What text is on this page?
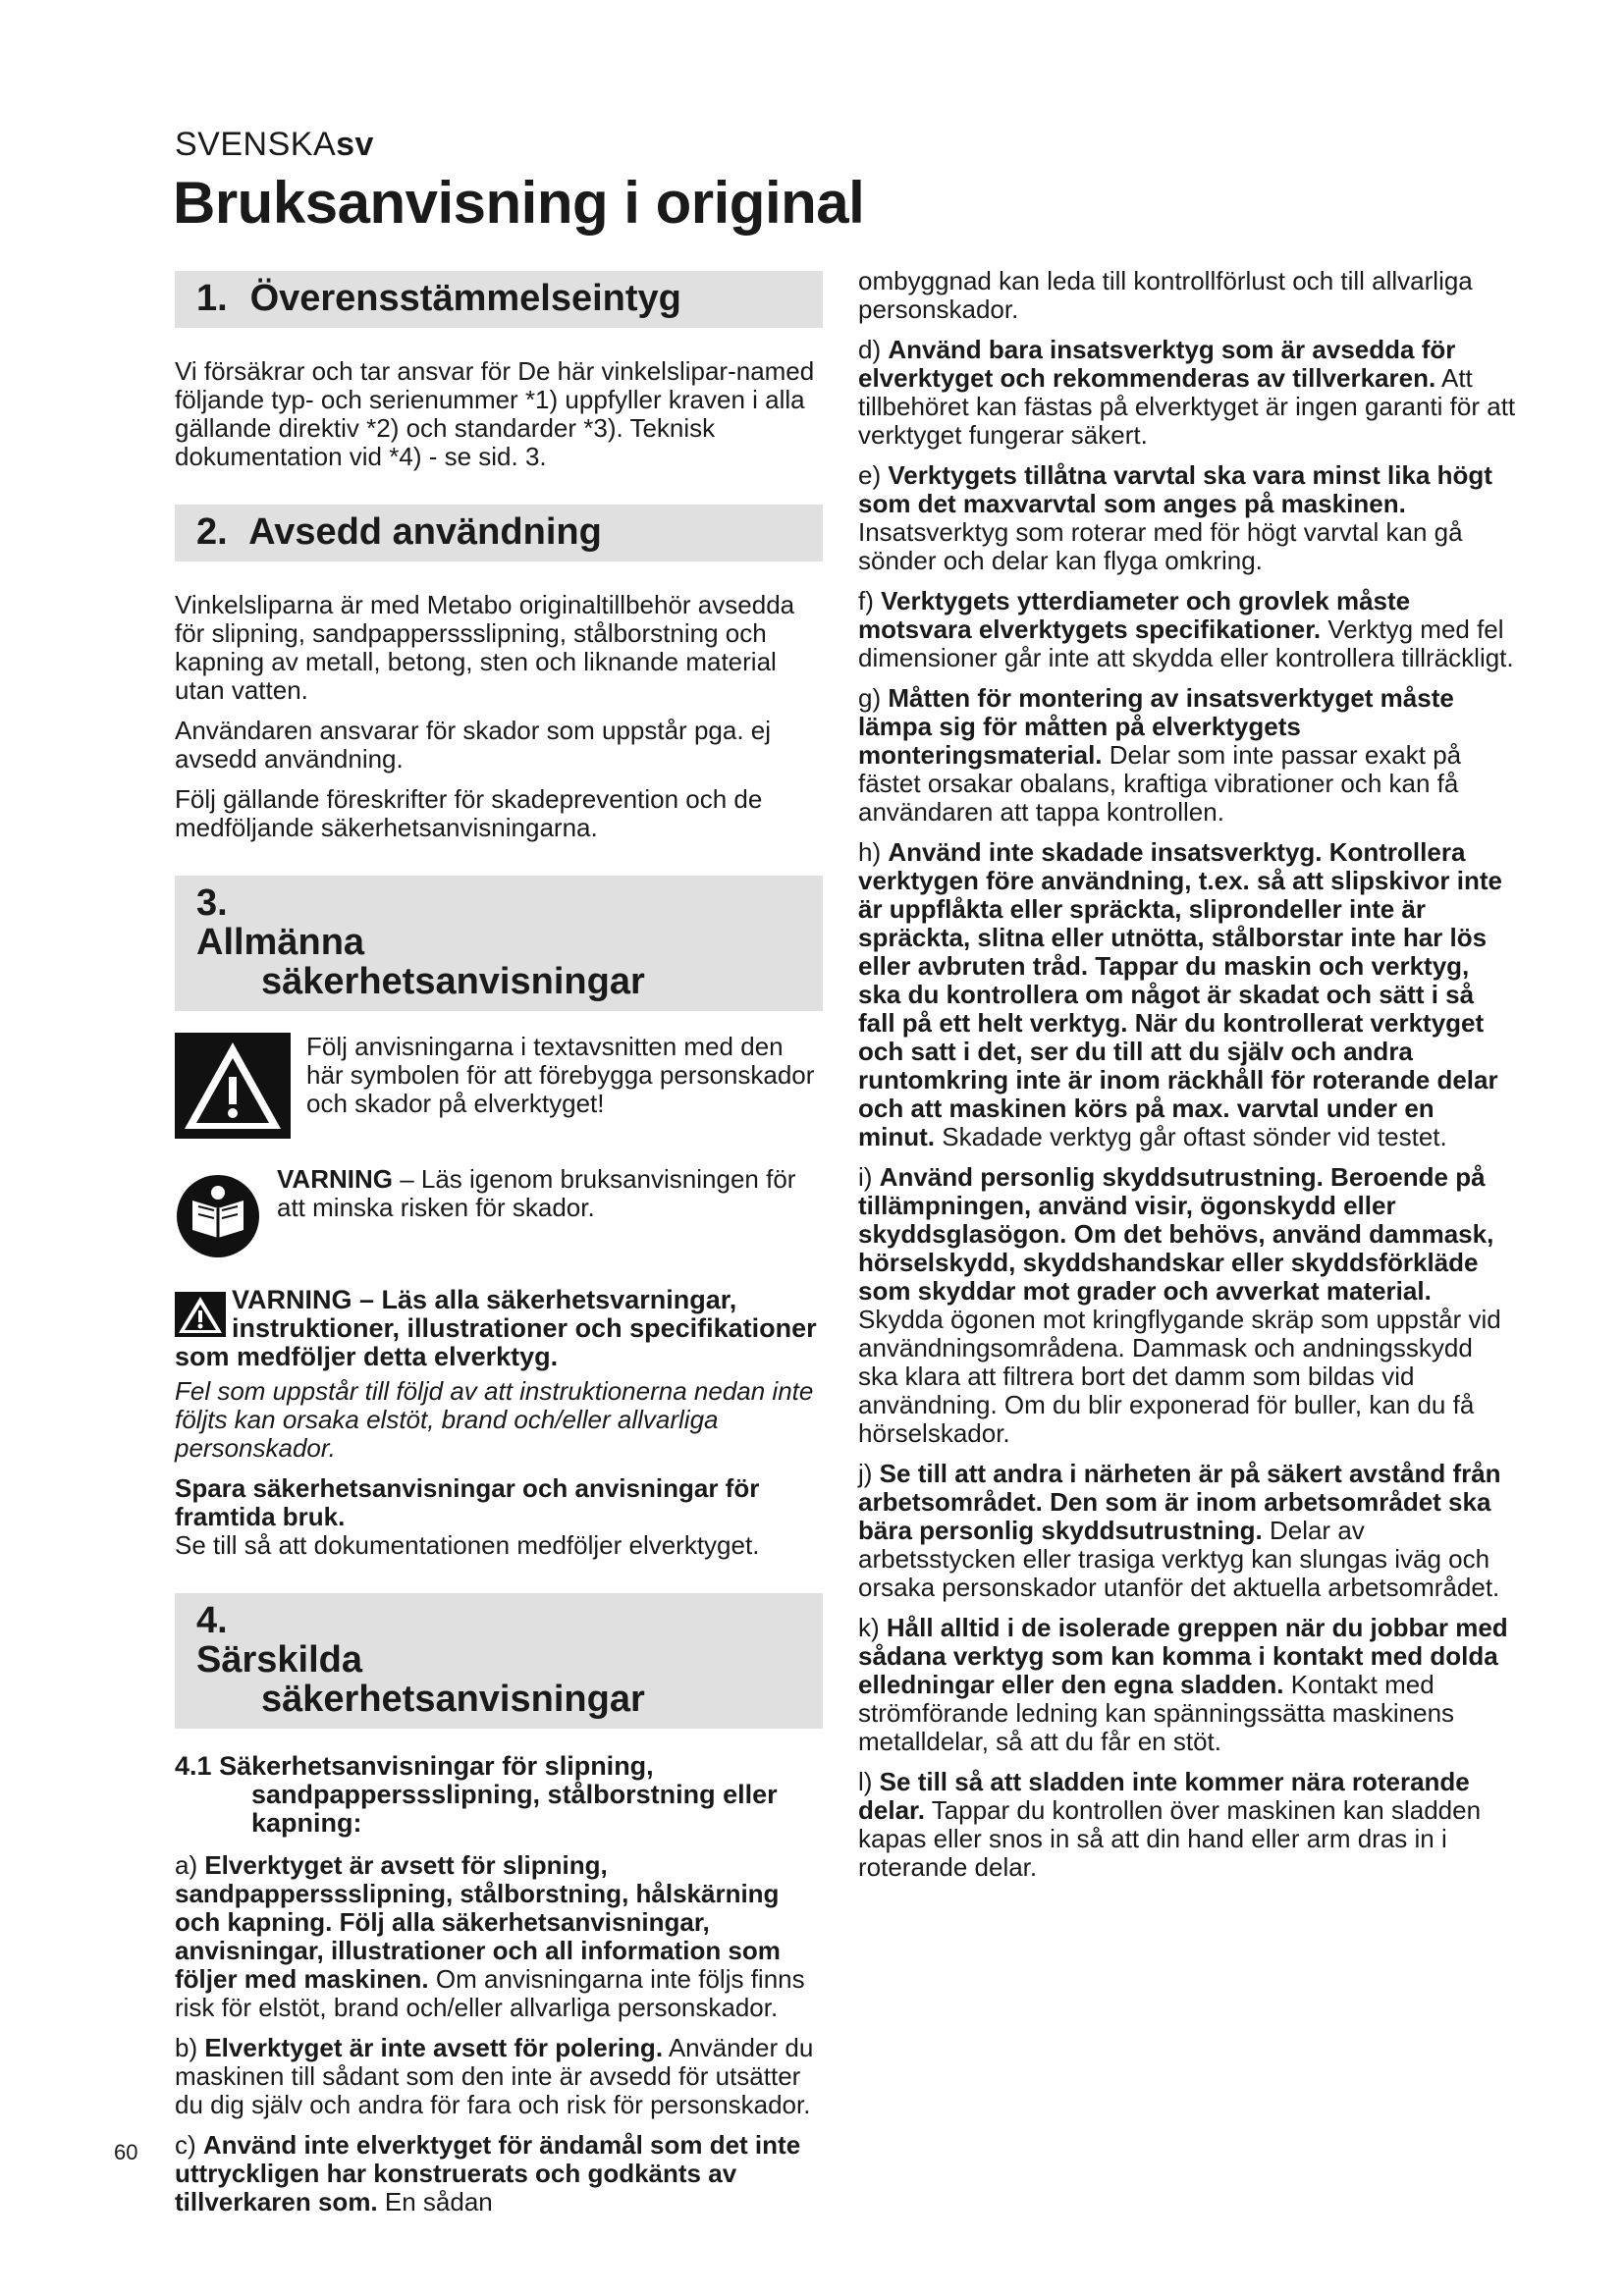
SVENSKAsv
Bruksanvisning i original
1. Överensstämmelseintyg

Vi försäkrar och tar ansvar för De här vinkelslipar-named följande typ- och serienummer *1) uppfyller kraven i alla gällande direktiv *2) och standarder *3). Teknisk dokumentation vid *4) - se sid. 3.

2. Avsedd användning

Vinkelsliparna är med Metabo originaltillbehör avsedda för slipning, sandpapperssslipning, stålborstning och kapning av metall, betong, sten och liknande material utan vatten.

Användaren ansvarar för skador som uppstår pga. ej avsedd användning.

Följ gällande föreskrifter för skadeprevention och de medföljande säkerhetsanvisningarna.

3.
Allmänna
säkerhetsanvisningar
Följ anvisningarna i textavsnitten med den här symbolen för att förebygga personskador och skador på elverktyget!
VARNING – Läs igenom bruksanvisningen för att minska risken för skador.
VARNING – Läs alla säkerhetsvarningar, instruktioner, illustrationer och specifikationer som medföljer detta elverktyg.

Fel som uppstår till följd av att instruktionerna nedan inte följts kan orsaka elstöt, brand och/eller allvarliga personskador.

Spara säkerhetsanvisningar och anvisningar för framtida bruk.

Se till så att dokumentationen medföljer elverktyget.

4.
Särskilda
säkerhetsanvisningar
4.1 Säkerhetsanvisningar för slipning,
sandpapperssslipning, stålborstning eller kapning:
a) Elverktyget är avsett för slipning, sandpapperssslipning, stålborstning, hålskärning och kapning. Följ alla säkerhetsanvisningar, anvisningar, illustrationer och all information som följer med maskinen. Om anvisningarna inte följs finns risk för elstöt, brand och/eller allvarliga personskador.
b) Elverktyget är inte avsett för polering. Använder du maskinen till sådant som den inte är avsedd för utsätter du dig själv och andra för fara och risk för personskador.
c) Använd inte elverktyget för ändamål som det inte uttryckligen har konstruerats och godkänts av tillverkaren som. En sådan

ombyggnad kan leda till kontrollförlust och till allvarliga personskador.

d) Använd bara insatsverktyg som är avsedda för elverktyget och rekommenderas av tillverkaren. Att tillbehöret kan fästas på elverktyget är ingen garanti för att verktyget fungerar säkert.
e) Verktygets tillåtna varvtal ska vara minst lika högt som det maxvarvtal som anges på maskinen. Insatsverktyg som roterar med för högt varvtal kan gå sönder och delar kan flyga omkring.
f) Verktygets ytterdiameter och grovlek måste motsvara elverktygets specifikationer. Verktyg med fel dimensioner går inte att skydda eller kontrollera tillräckligt.
g) Måtten för montering av insatsverktyget måste lämpa sig för måtten på elverktygets monteringsmaterial. Delar som inte passar exakt på fästet orsakar obalans, kraftiga vibrationer och kan få användaren att tappa kontrollen.
h) Använd inte skadade insatsverktyg. Kontrollera verktygen före användning, t.ex. så att slipskivor inte är uppflåkta eller spräckta, sliprondeller inte är spräckta, slitna eller utnötta, stålborstar inte har lös eller avbruten tråd. Tappar du maskin och verktyg, ska du kontrollera om något är skadat och sätt i så fall på ett helt verktyg. När du kontrollerat verktyget och satt i det, ser du till att du själv och andra runtomkring inte är inom räckhåll för roterande delar och att maskinen körs på max. varvtal under en minut. Skadade verktyg går oftast sönder vid testet.
i) Använd personlig skyddsutrustning. Beroende på tillämpningen, använd visir, ögonskydd eller skyddsglasögon. Om det behövs, använd dammask, hörselskydd, skyddshandskar eller skyddsförkläde som skyddar mot grader och avverkat material. Skydda ögonen mot kringflygande skräp som uppstår vid användningsområdena. Dammask och andningsskydd ska klara att filtrera bort det damm som bildas vid användning. Om du blir exponerad för buller, kan du få hörselskador.
j) Se till att andra i närheten är på säkert avstånd från arbetsområdet. Den som är inom arbetsområdet ska bära personlig skyddsutrustning. Delar av arbetsstycken eller trasiga verktyg kan slungas iväg och orsaka personskador utanför det aktuella arbetsområdet.
k) Håll alltid i de isolerade greppen när du jobbar med sådana verktyg som kan komma i kontakt med dolda elledningar eller den egna sladden. Kontakt med strömförande ledning kan spänningssätta maskinens metalldelar, så att du får en stöt.
l) Se till så att sladden inte kommer nära roterande delar. Tappar du kontrollen över maskinen kan sladden kapas eller snos in så att din hand eller arm dras in i roterande delar.
60
